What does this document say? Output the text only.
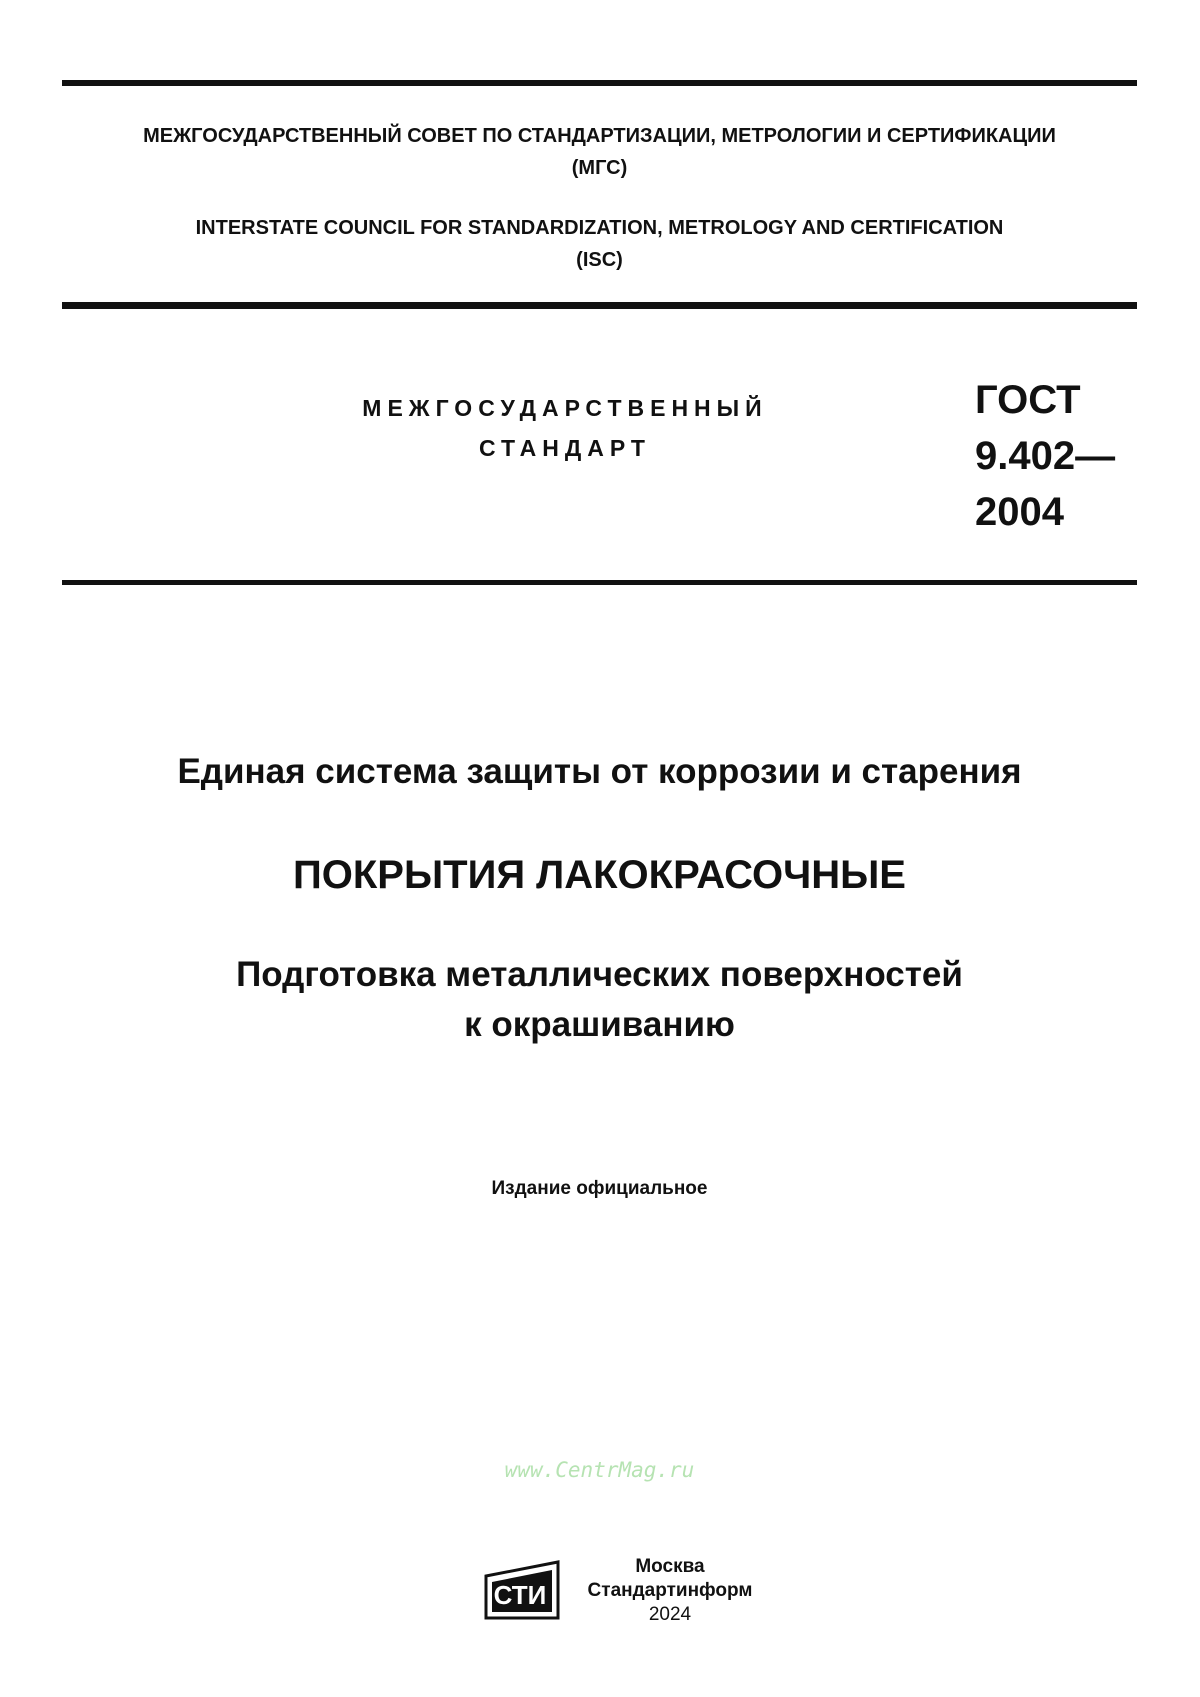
МЕЖГОСУДАРСТВЕННЫЙ СОВЕТ ПО СТАНДАРТИЗАЦИИ, МЕТРОЛОГИИ И СЕРТИФИКАЦИИ
(МГС)
INTERSTATE COUNCIL FOR STANDARDIZATION, METROLOGY AND CERTIFICATION
(ISC)
МЕЖГОСУДАРСТВЕННЫЙ
СТАНДАРТ
ГОСТ
9.402—
2004
Единая система защиты от коррозии и старения
ПОКРЫТИЯ ЛАКОКРАСОЧНЫЕ
Подготовка металлических поверхностей
к окрашиванию
Издание официальное
www.CentrMag.ru
СТИ
Москва
Стандартинформ
2024
